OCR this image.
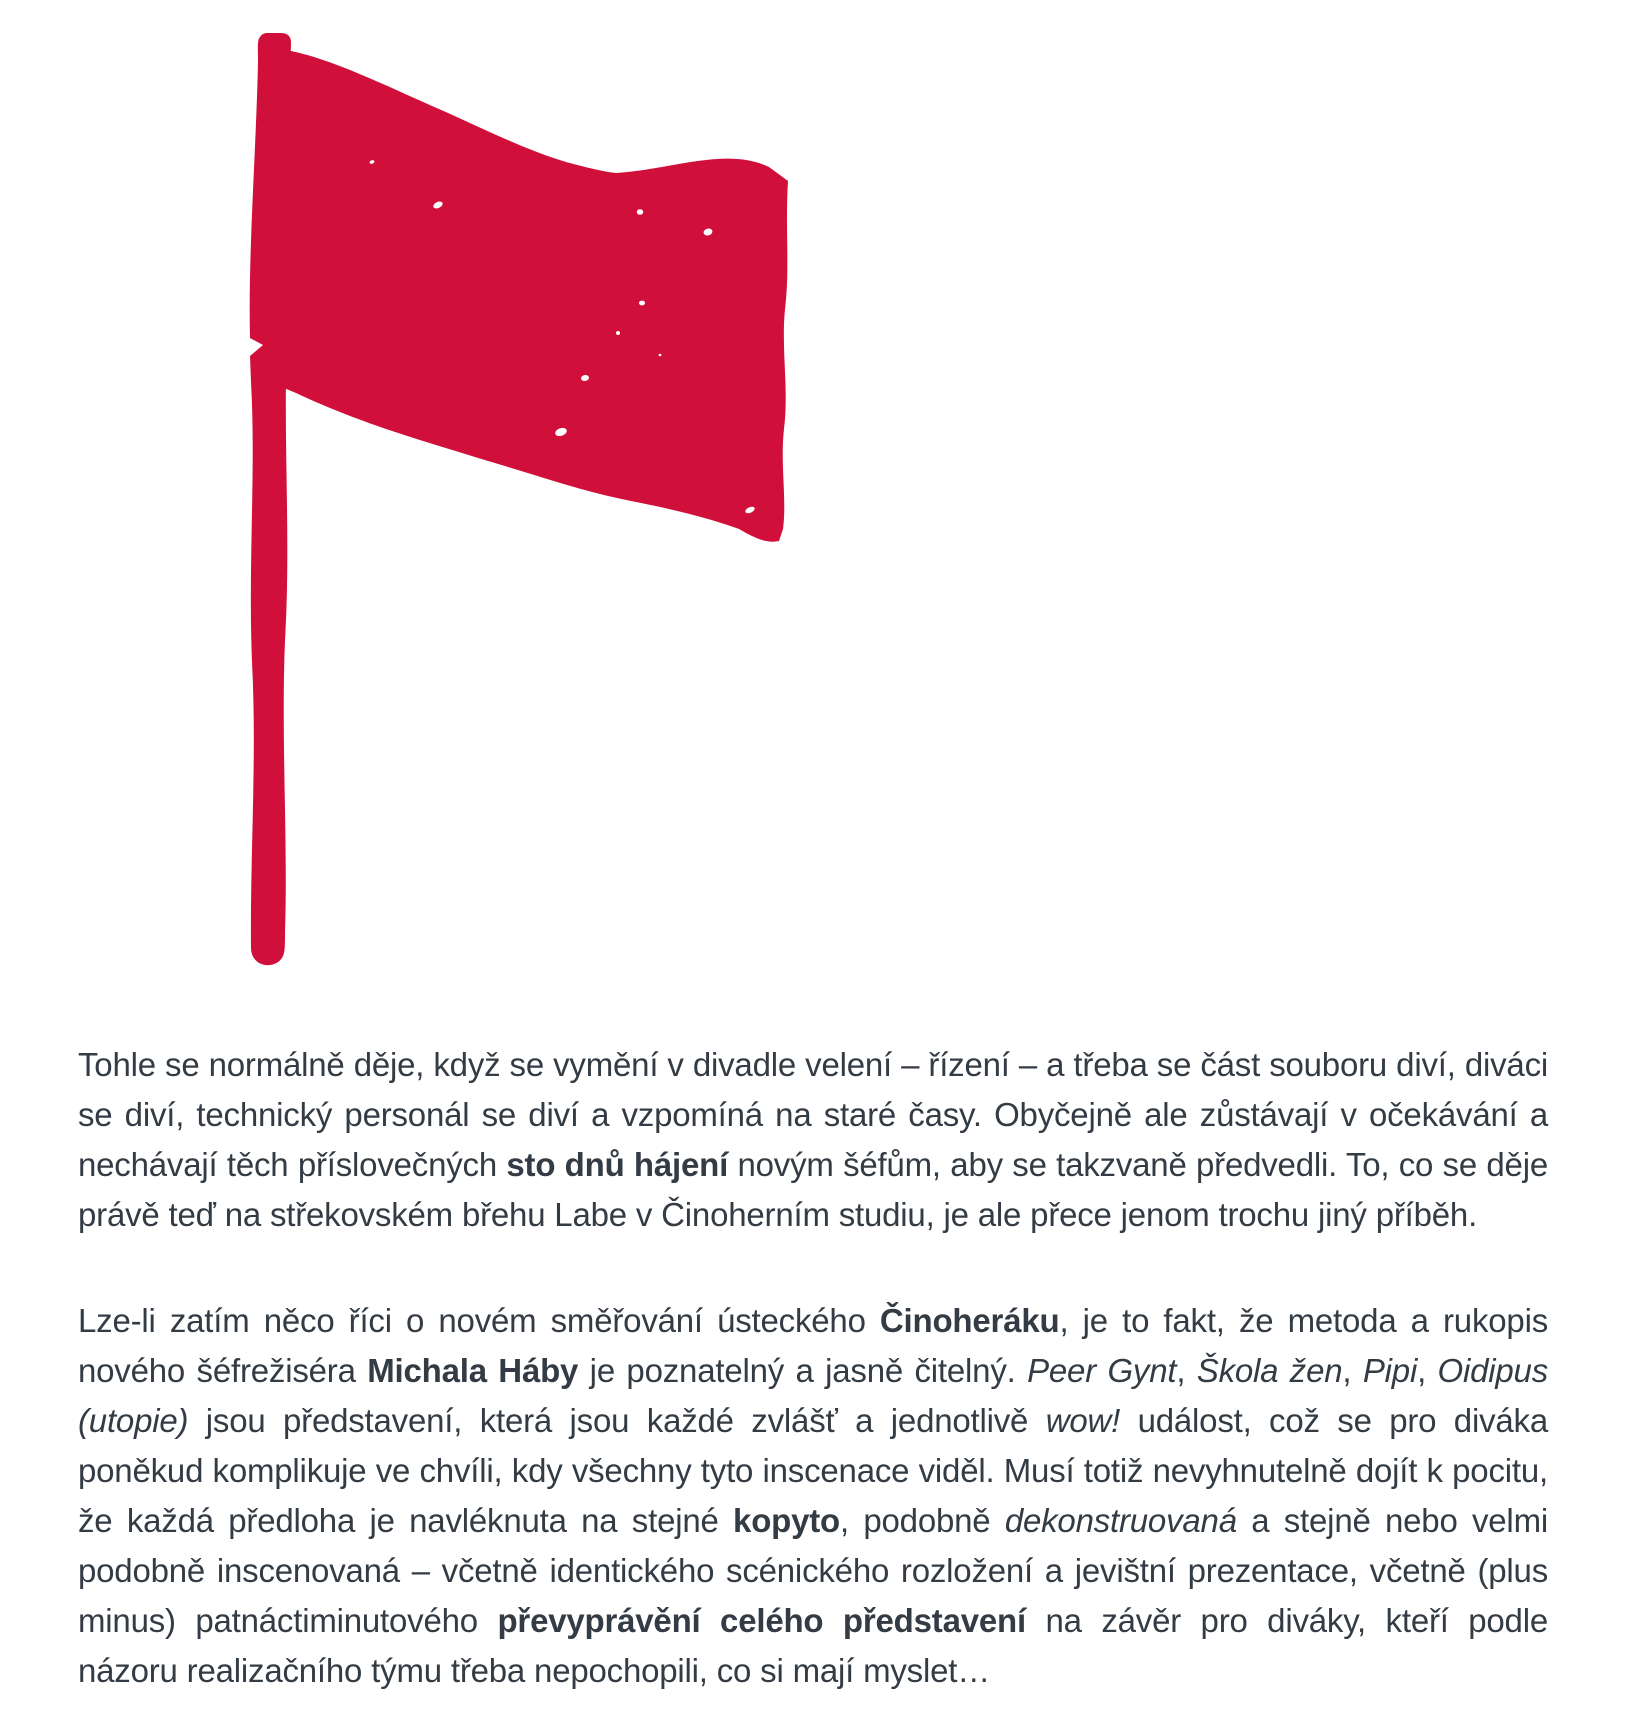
Tohle se normálně děje, když se vymění v divadle velení – řízení – a třeba se část souboru diví, diváci se diví, technický personál se diví a vzpomíná na staré časy. Obyčejně ale zůstávají v očekávání a nechávají těch příslovečných sto dnů hájení novým šéfům, aby se takzvaně předvedli. To, co se děje právě teď na střekovském břehu Labe v Činoherním studiu, je ale přece jenom trochu jiný příběh.

Lze-li zatím něco říci o novém směřování ústeckého Činoheráku, je to fakt, že metoda a rukopis nového šéfrežiséra Michala Háby je poznatelný a jasně čitelný. Peer Gynt, Škola žen, Pipi, Oidipus (utopie) jsou představení, která jsou každé zvlášť a jednotlivě wow! událost, což se pro diváka poněkud komplikuje ve chvíli, kdy všechny tyto inscenace viděl. Musí totiž nevyhnutelně dojít k pocitu, že každá předloha je navléknuta na stejné kopyto, podobně dekonstruovaná a stejně nebo velmi podobně inscenovaná – včetně identického scénického rozložení a jevištní prezentace, včetně (plus minus) patnáctiminutového převyprávění celého představení na závěr pro diváky, kteří podle názoru realizačního týmu třeba nepochopili, co si mají myslet…
